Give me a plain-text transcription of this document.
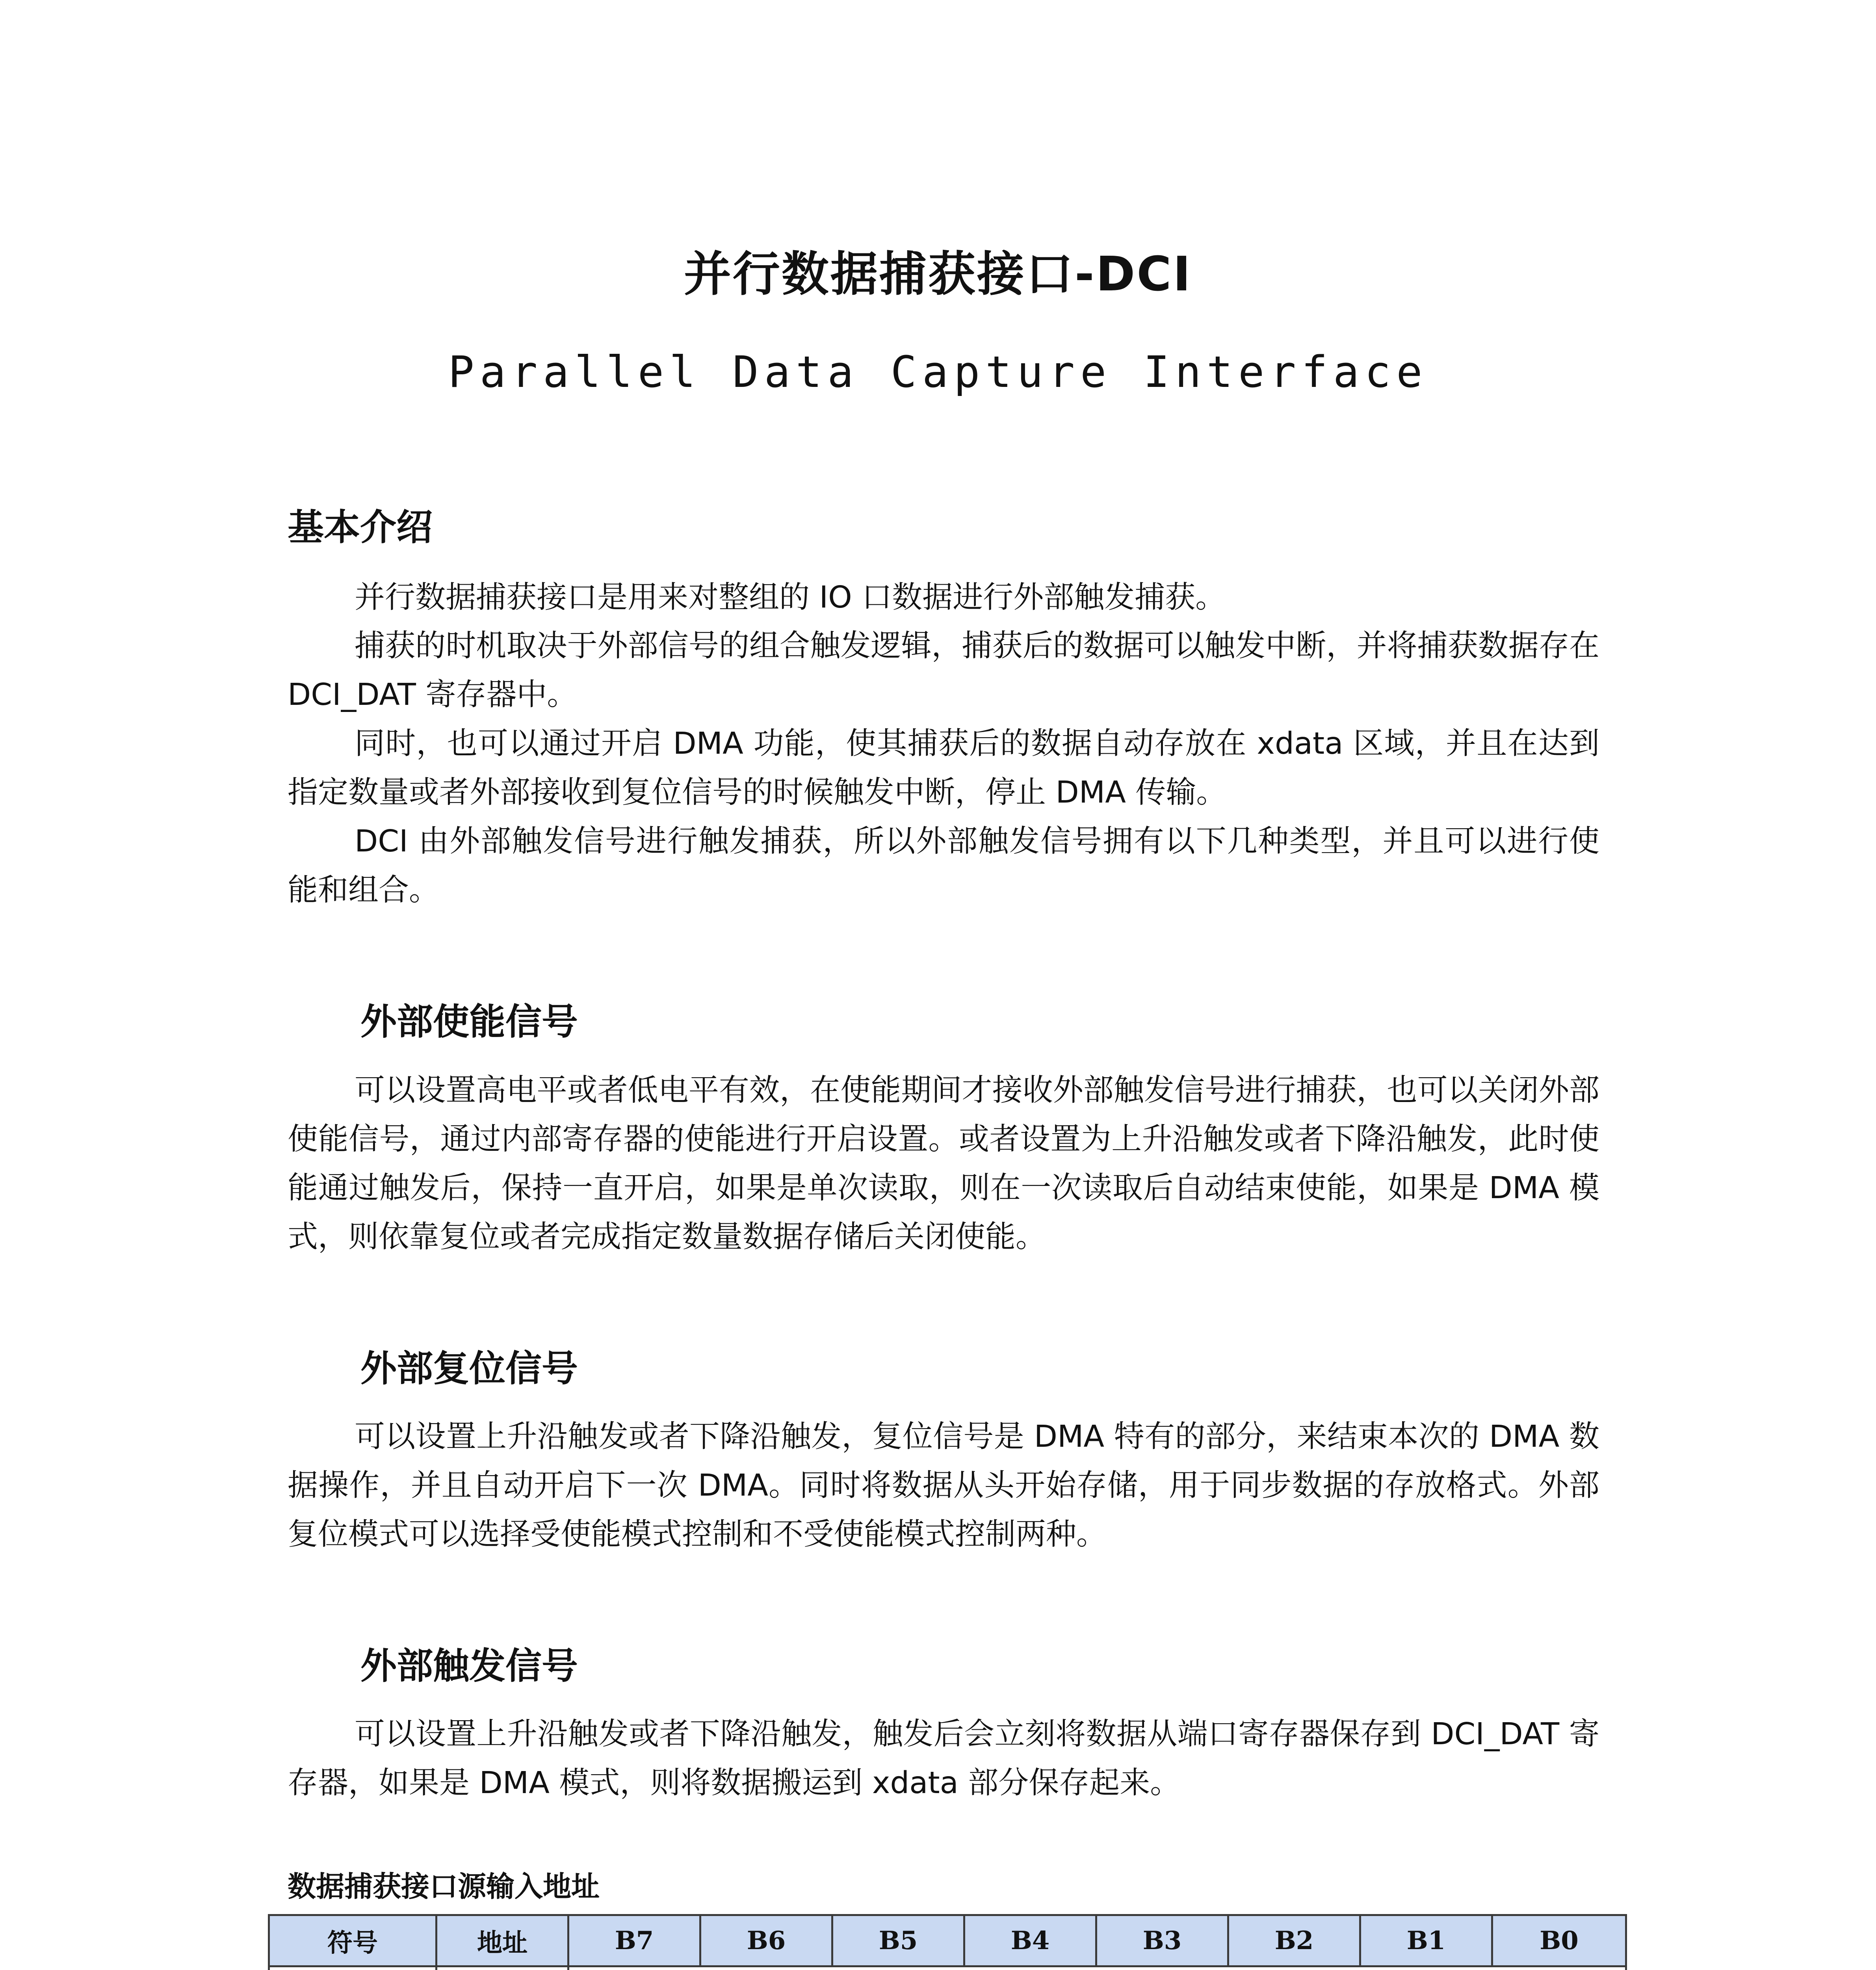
并行数据捕获接口-DCI
Parallel Data Capture Interface
基本介绍

并行数据捕获接口是用来对整组的 IO 口数据进行外部触发捕获。

捕获的时机取决于外部信号的组合触发逻辑，捕获后的数据可以触发中断，并将捕获数据存在 DCI_DAT 寄存器中。

同时，也可以通过开启 DMA 功能，使其捕获后的数据自动存放在 xdata 区域，并且在达到指定数量或者外部接收到复位信号的时候触发中断，停止 DMA 传输。

DCI 由外部触发信号进行触发捕获，所以外部触发信号拥有以下几种类型，并且可以进行使能和组合。

外部使能信号

可以设置高电平或者低电平有效，在使能期间才接收外部触发信号进行捕获，也可以关闭外部使能信号，通过内部寄存器的使能进行开启设置。或者设置为上升沿触发或者下降沿触发，此时使能通过触发后，保持一直开启，如果是单次读取，则在一次读取后自动结束使能，如果是 DMA 模式，则依靠复位或者完成指定数量数据存储后关闭使能。

外部复位信号

可以设置上升沿触发或者下降沿触发，复位信号是 DMA 特有的部分，来结束本次的 DMA 数据操作，并且自动开启下一次 DMA。同时将数据从头开始存储，用于同步数据的存放格式。外部复位模式可以选择受使能模式控制和不受使能模式控制两种。

外部触发信号

可以设置上升沿触发或者下降沿触发，触发后会立刻将数据从端口寄存器保存到 DCI_DAT 寄存器，如果是 DMA 模式，则将数据搬运到 xdata 部分保存起来。

数据捕获接口源输入地址
符号	地址	B7	B6	B5	B4	B3	B2	B1	B0
